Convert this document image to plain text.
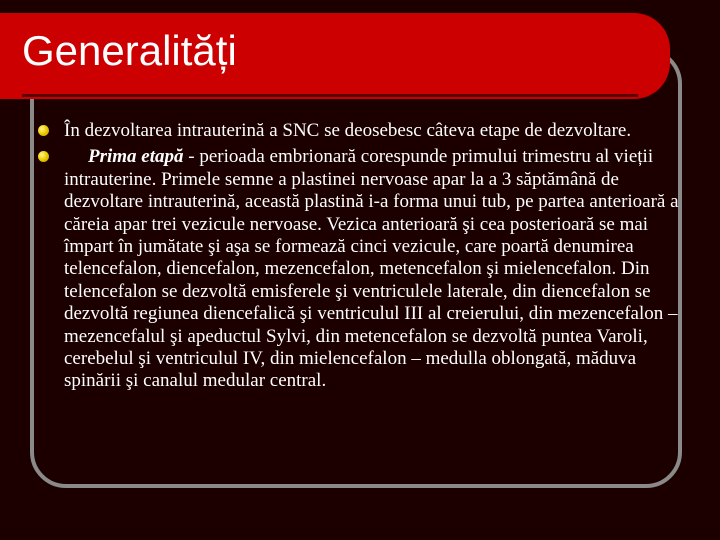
Generalități

În dezvoltarea intrauterină a SNC se deosebesc câteva etape de dezvoltare.

Prima etapă - perioada embrionară corespunde primului trimestru al vieții intrauterine. Primele semne a plastinei nervoase apar la a 3 săptămână de dezvoltare intrauterină, această plastină i-a forma unui tub, pe partea anterioară a căreia apar trei vezicule nervoase. Vezica anterioară şi cea posterioară se mai împart în jumătate şi aşa se formează cinci vezicule, care poartă denumirea telencefalon, diencefalon, mezencefalon, metencefalon şi mielencefalon. Din telencefalon se dezvoltă emisferele şi ventriculele laterale, din diencefalon se dezvoltă regiunea diencefalică şi ventriculul III al creierului, din mezencefalon – mezencefalul şi apeductul Sylvi, din metencefalon se dezvoltă puntea Varoli, cerebelul şi ventriculul IV, din mielencefalon – medulla oblongată, măduva spinării şi canalul medular central.
